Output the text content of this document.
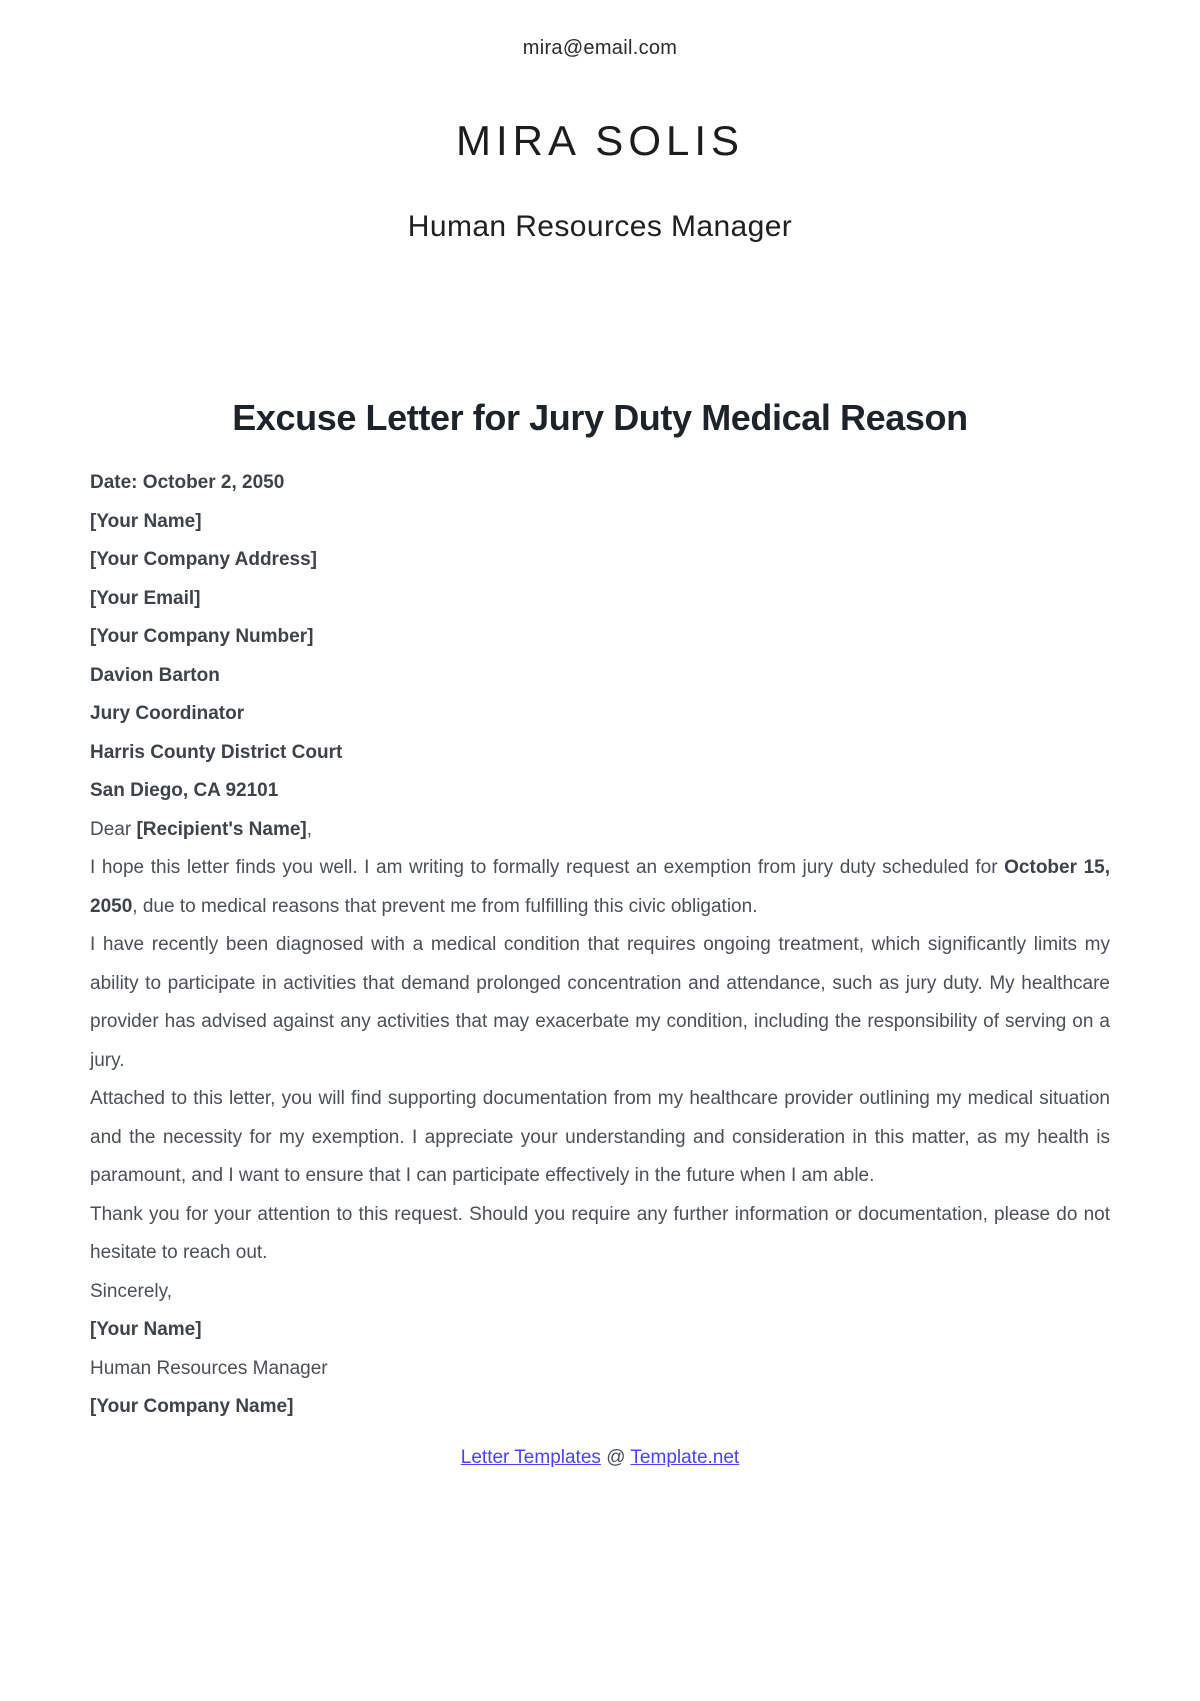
mira@email.com
MIRA SOLIS
Human Resources Manager
Excuse Letter for Jury Duty Medical Reason
Date: October 2, 2050
[Your Name]
[Your Company Address]
[Your Email]
[Your Company Number]
Davion Barton
Jury Coordinator
Harris County District Court
San Diego, CA 92101
Dear [Recipient's Name],

I hope this letter finds you well. I am writing to formally request an exemption from jury duty scheduled for October 15, 2050, due to medical reasons that prevent me from fulfilling this civic obligation.

I have recently been diagnosed with a medical condition that requires ongoing treatment, which significantly limits my ability to participate in activities that demand prolonged concentration and attendance, such as jury duty. My healthcare provider has advised against any activities that may exacerbate my condition, including the responsibility of serving on a jury.

Attached to this letter, you will find supporting documentation from my healthcare provider outlining my medical situation and the necessity for my exemption. I appreciate your understanding and consideration in this matter, as my health is paramount, and I want to ensure that I can participate effectively in the future when I am able.

Thank you for your attention to this request. Should you require any further information or documentation, please do not hesitate to reach out.

Sincerely,
[Your Name]
Human Resources Manager
[Your Company Name]
Letter Templates @ Template.net
